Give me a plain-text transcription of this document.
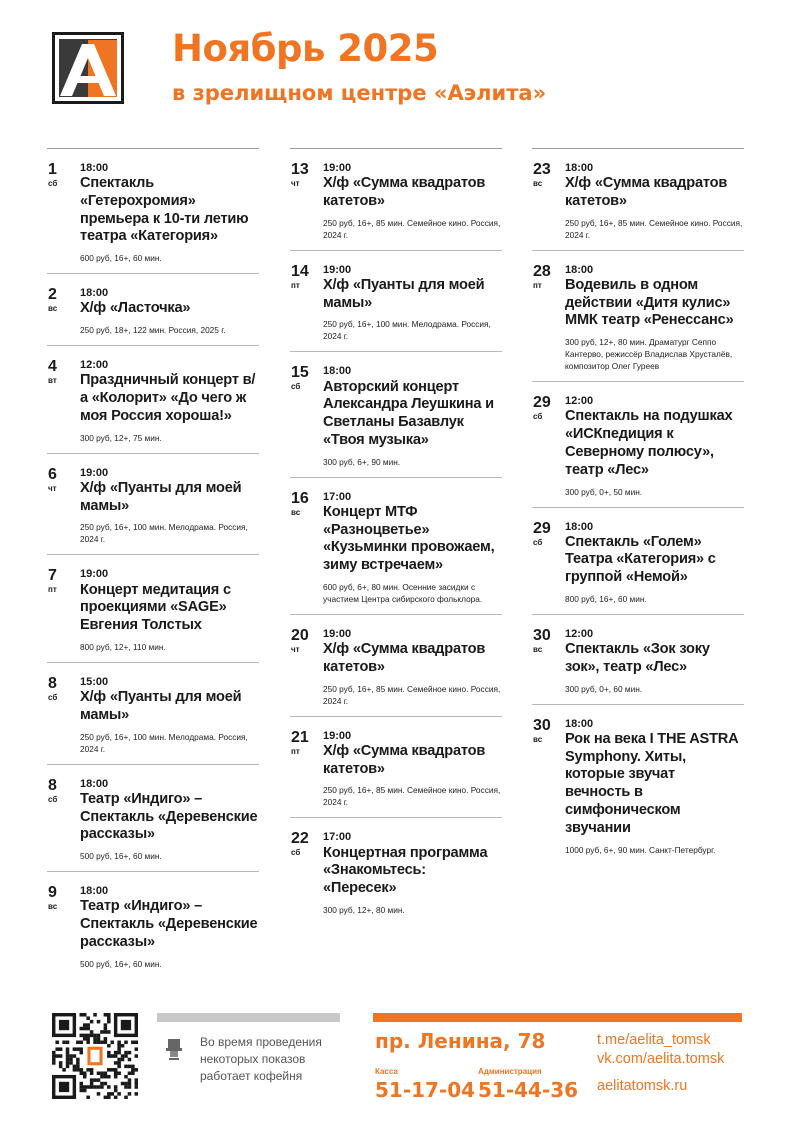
Ноябрь 2025
в зрелищном центре «Аэлита»
1
сб
18:00
Спектакль «Гетерохромия» премьера к 10-ти летию театра «Категория»
600 руб, 16+, 60 мин.
2
вс
18:00
Х/ф «Ласточка»
250 руб, 18+, 122 мин. Россия, 2025 г.
4
вт
12:00
Праздничный концерт в/а «Колорит» «До чего ж моя Россия хороша!»
300 руб, 12+, 75 мин.
6
чт
19:00
Х/ф «Пуанты для моей мамы»
250 руб, 16+, 100 мин. Мелодрама. Россия, 2024 г.
7
пт
19:00
Концерт медитация с проекциями «SAGE» Евгения Толстых
800 руб, 12+, 110 мин.
8
сб
15:00
Х/ф «Пуанты для моей мамы»
250 руб, 16+, 100 мин. Мелодрама. Россия, 2024 г.
8
сб
18:00
Театр «Индиго» – Спектакль «Деревенские рассказы»
500 руб, 16+, 60 мин.
9
вс
18:00
Театр «Индиго» – Спектакль «Деревенские рассказы»
500 руб, 16+, 60 мин.
13
чт
19:00
Х/ф «Сумма квадратов катетов»
250 руб, 16+, 85 мин. Семейное кино. Россия, 2024 г.
14
пт
19:00
Х/ф «Пуанты для моей мамы»
250 руб, 16+, 100 мин. Мелодрама. Россия, 2024 г.
15
сб
18:00
Авторский концерт Александра Леушкина и Светланы Базавлук «Твоя музыка»
300 руб, 6+, 90 мин.
16
вс
17:00
Концерт МТФ «Разноцветье» «Кузьминки провожаем, зиму встречаем»
600 руб, 6+, 80 мин. Осенние засидки с участием Центра сибирского фольклора.
20
чт
19:00
Х/ф «Сумма квадратов катетов»
250 руб, 16+, 85 мин. Семейное кино. Россия, 2024 г.
21
пт
19:00
Х/ф «Сумма квадратов катетов»
250 руб, 16+, 85 мин. Семейное кино. Россия, 2024 г.
22
сб
17:00
Концертная программа «Знакомьтесь: «Пересек»
300 руб, 12+, 80 мин.
23
вс
18:00
Х/ф «Сумма квадратов катетов»
250 руб, 16+, 85 мин. Семейное кино. Россия, 2024 г.
28
пт
18:00
Водевиль в одном действии «Дитя кулис» ММК театр «Ренессанс»
300 руб, 12+, 80 мин. Драматург Сеппо Кантерво, режиссёр Владислав Хрусталёв, композитор Олег Гуреев
29
сб
12:00
Спектакль на подушках «ИСКпедиция к Северному полюсу», театр «Лес»
300 руб, 0+, 50 мин.
29
сб
18:00
Спектакль «Голем» Театра «Категория» с группой «Немой»
800 руб, 16+, 60 мин.
30
вс
12:00
Спектакль «Зок зоку зок», театр «Лес»
300 руб, 0+, 60 мин.
30
вс
18:00
Рок на века I THE ASTRA Symphony. Хиты, которые звучат вечность в симфоническом звучании
1000 руб, 6+, 90 мин. Санкт-Петербург.
Во время проведения
некоторых показов
работает кофейня
пр. Ленина, 78
Касса
51-17-04
Администрация
51-44-36
t.me/aelita_tomsk
vk.com/aelita.tomsk
aelitatomsk.ru
